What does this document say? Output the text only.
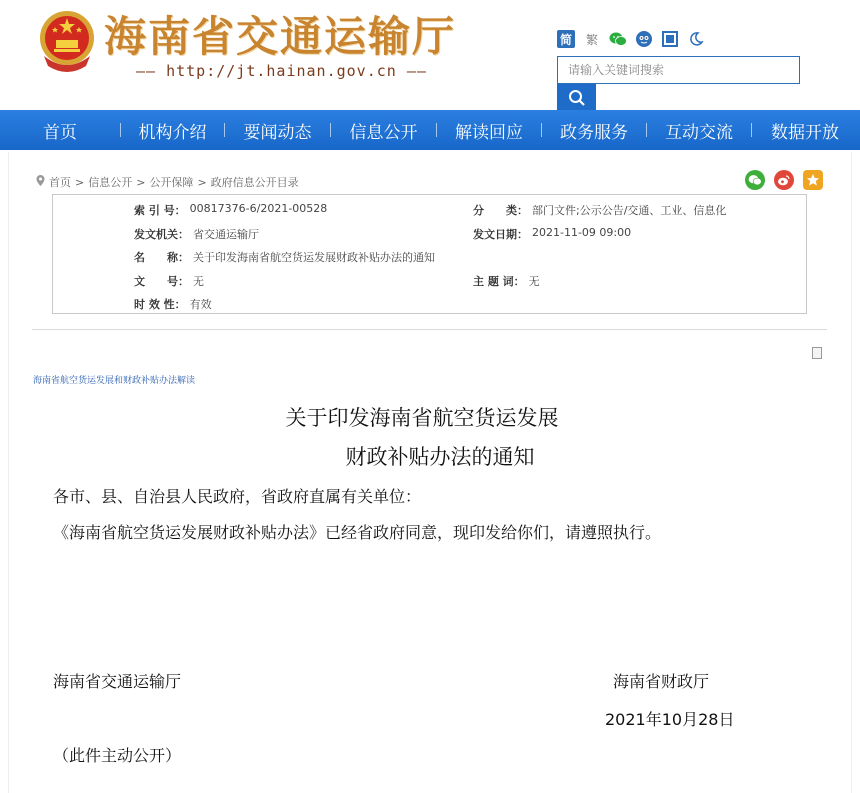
海南省交通运输厅
—— http://jt.hainan.gov.cn ——
简 繁
请输入关键词搜索
首页	机构介绍	要闻动态	信息公开	解读回应	政务服务	互动交流	数据开放
首页 > 信息公开 > 公开保障 > 政府信息公开目录
索 引 号： 00817376-6/2021-00528	分　　类： 部门文件;公示公告/交通、工业、信息化
发文机关： 省交通运输厅	发文日期： 2021-11-09 09:00
名　　称： 关于印发海南省航空货运发展财政补贴办法的通知
文　　号： 无	主 题 词： 无
时 效 性： 有效
海南省航空货运发展和财政补贴办法解读
关于印发海南省航空货运发展
财政补贴办法的通知
各市、县、自治县人民政府，省政府直属有关单位：
《海南省航空货运发展财政补贴办法》已经省政府同意，现印发给你们，请遵照执行。
海南省交通运输厅	海南省财政厅
2021年10月28日
（此件主动公开）
